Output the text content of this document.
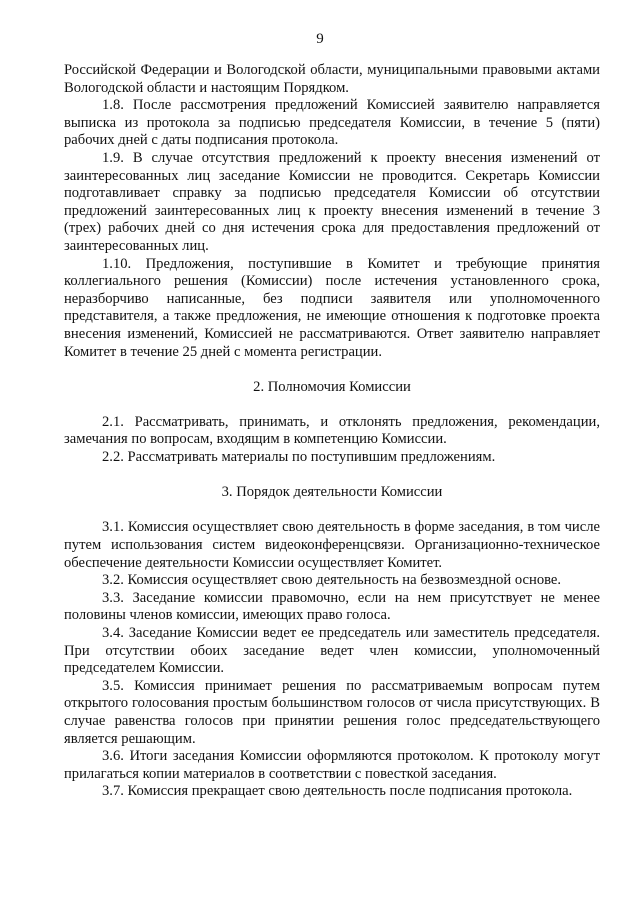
9

Российской Федерации и Вологодской области, муниципальными правовыми актами Вологодской области и настоящим Порядком.

1.8. После рассмотрения предложений Комиссией заявителю направляется выписка из протокола за подписью председателя Комиссии, в течение 5 (пяти) рабочих дней с даты подписания протокола.

1.9. В случае отсутствия предложений к проекту внесения изменений от заинтересованных лиц заседание Комиссии не проводится. Секретарь Комиссии подготавливает справку за подписью председателя Комиссии об отсутствии предложений заинтересованных лиц к проекту внесения изменений в течение 3 (трех) рабочих дней со дня истечения срока для предоставления предложений от заинтересованных лиц.

1.10. Предложения, поступившие в Комитет и требующие принятия коллегиального решения (Комиссии) после истечения установленного срока, неразборчиво написанные, без подписи заявителя или уполномоченного представителя, а также предложения, не имеющие отношения к подготовке проекта внесения изменений, Комиссией не рассматриваются. Ответ заявителю направляет Комитет в течение 25 дней с момента регистрации.

2. Полномочия Комиссии

2.1. Рассматривать, принимать, и отклонять предложения, рекомендации, замечания по вопросам, входящим в компетенцию Комиссии.

2.2. Рассматривать материалы по поступившим предложениям.

3. Порядок деятельности Комиссии

3.1. Комиссия осуществляет свою деятельность в форме заседания, в том числе путем использования систем видеоконференцсвязи. Организационно-техническое обеспечение деятельности Комиссии осуществляет Комитет.

3.2. Комиссия осуществляет свою деятельность на безвозмездной основе.

3.3. Заседание комиссии правомочно, если на нем присутствует не менее половины членов комиссии, имеющих право голоса.

3.4. Заседание Комиссии ведет ее председатель или заместитель председателя. При отсутствии обоих заседание ведет член комиссии, уполномоченный председателем Комиссии.

3.5. Комиссия принимает решения по рассматриваемым вопросам путем открытого голосования простым большинством голосов от числа присутствующих. В случае равенства голосов при принятии решения голос председательствующего является решающим.

3.6. Итоги заседания Комиссии оформляются протоколом. К протоколу могут прилагаться копии материалов в соответствии с повесткой заседания.

3.7. Комиссия прекращает свою деятельность после подписания протокола.
